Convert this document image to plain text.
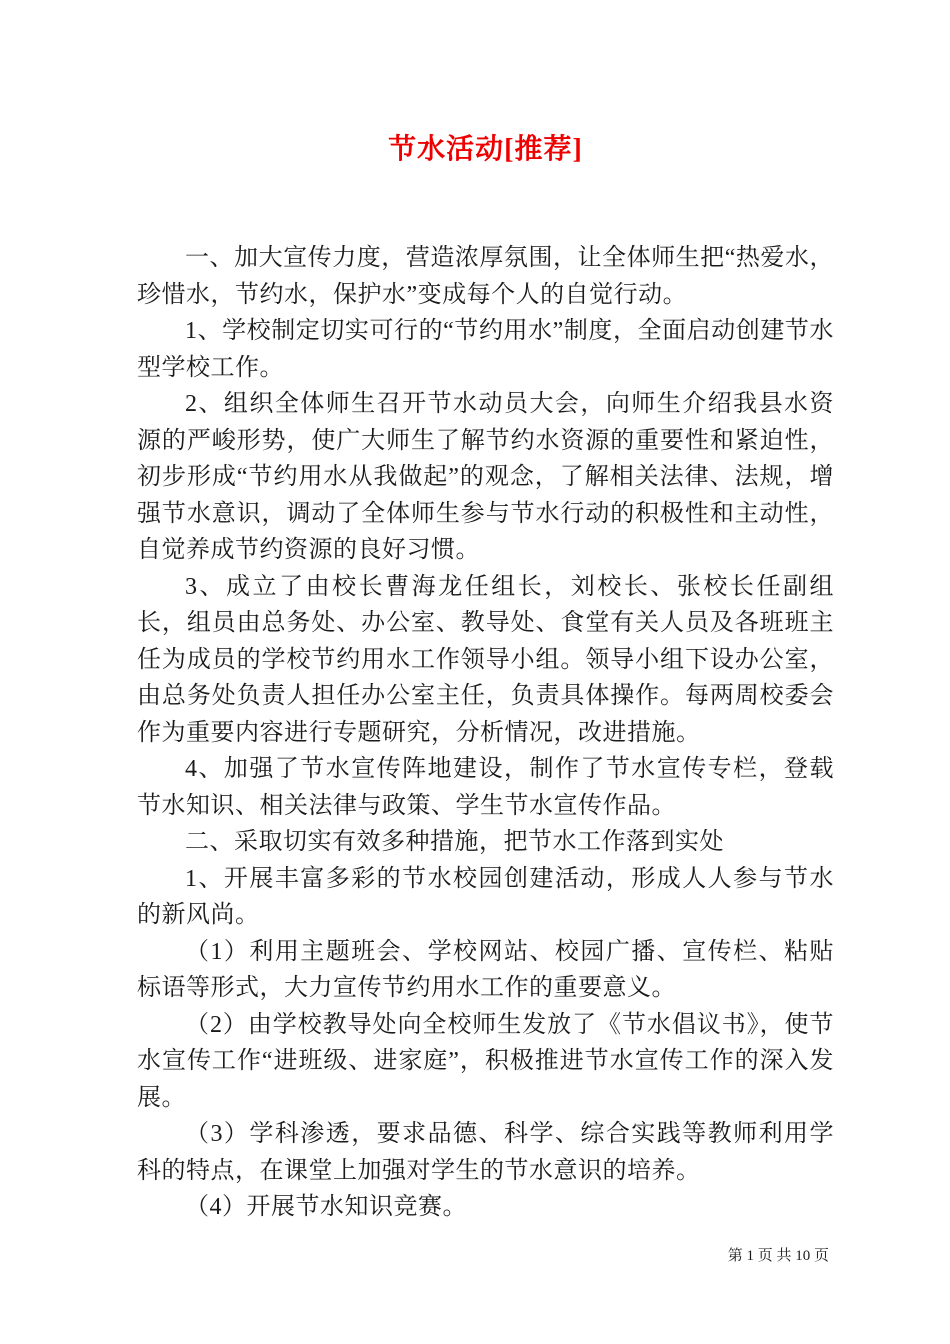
节水活动[推荐]

一、加大宣传力度，营造浓厚氛围，让全体师生把“热爱水，珍惜水，节约水，保护水”变成每个人的自觉行动。

1、学校制定切实可行的“节约用水”制度，全面启动创建节水型学校工作。

2、组织全体师生召开节水动员大会，向师生介绍我县水资源的严峻形势，使广大师生了解节约水资源的重要性和紧迫性，初步形成“节约用水从我做起”的观念，了解相关法律、法规，增强节水意识，调动了全体师生参与节水行动的积极性和主动性，自觉养成节约资源的良好习惯。

3、成立了由校长曹海龙任组长，刘校长、张校长任副组长，组员由总务处、办公室、教导处、食堂有关人员及各班班主任为成员的学校节约用水工作领导小组。领导小组下设办公室，由总务处负责人担任办公室主任，负责具体操作。每两周校委会作为重要内容进行专题研究，分析情况，改进措施。

4、加强了节水宣传阵地建设，制作了节水宣传专栏，登载节水知识、相关法律与政策、学生节水宣传作品。

二、采取切实有效多种措施，把节水工作落到实处

1、开展丰富多彩的节水校园创建活动，形成人人参与节水的新风尚。

（1）利用主题班会、学校网站、校园广播、宣传栏、粘贴标语等形式，大力宣传节约用水工作的重要意义。

（2）由学校教导处向全校师生发放了《节水倡议书》，使节水宣传工作“进班级、进家庭”，积极推进节水宣传工作的深入发展。

（3）学科渗透，要求品德、科学、综合实践等教师利用学科的特点，在课堂上加强对学生的节水意识的培养。

（4）开展节水知识竞赛。

第 1 页 共 10 页
